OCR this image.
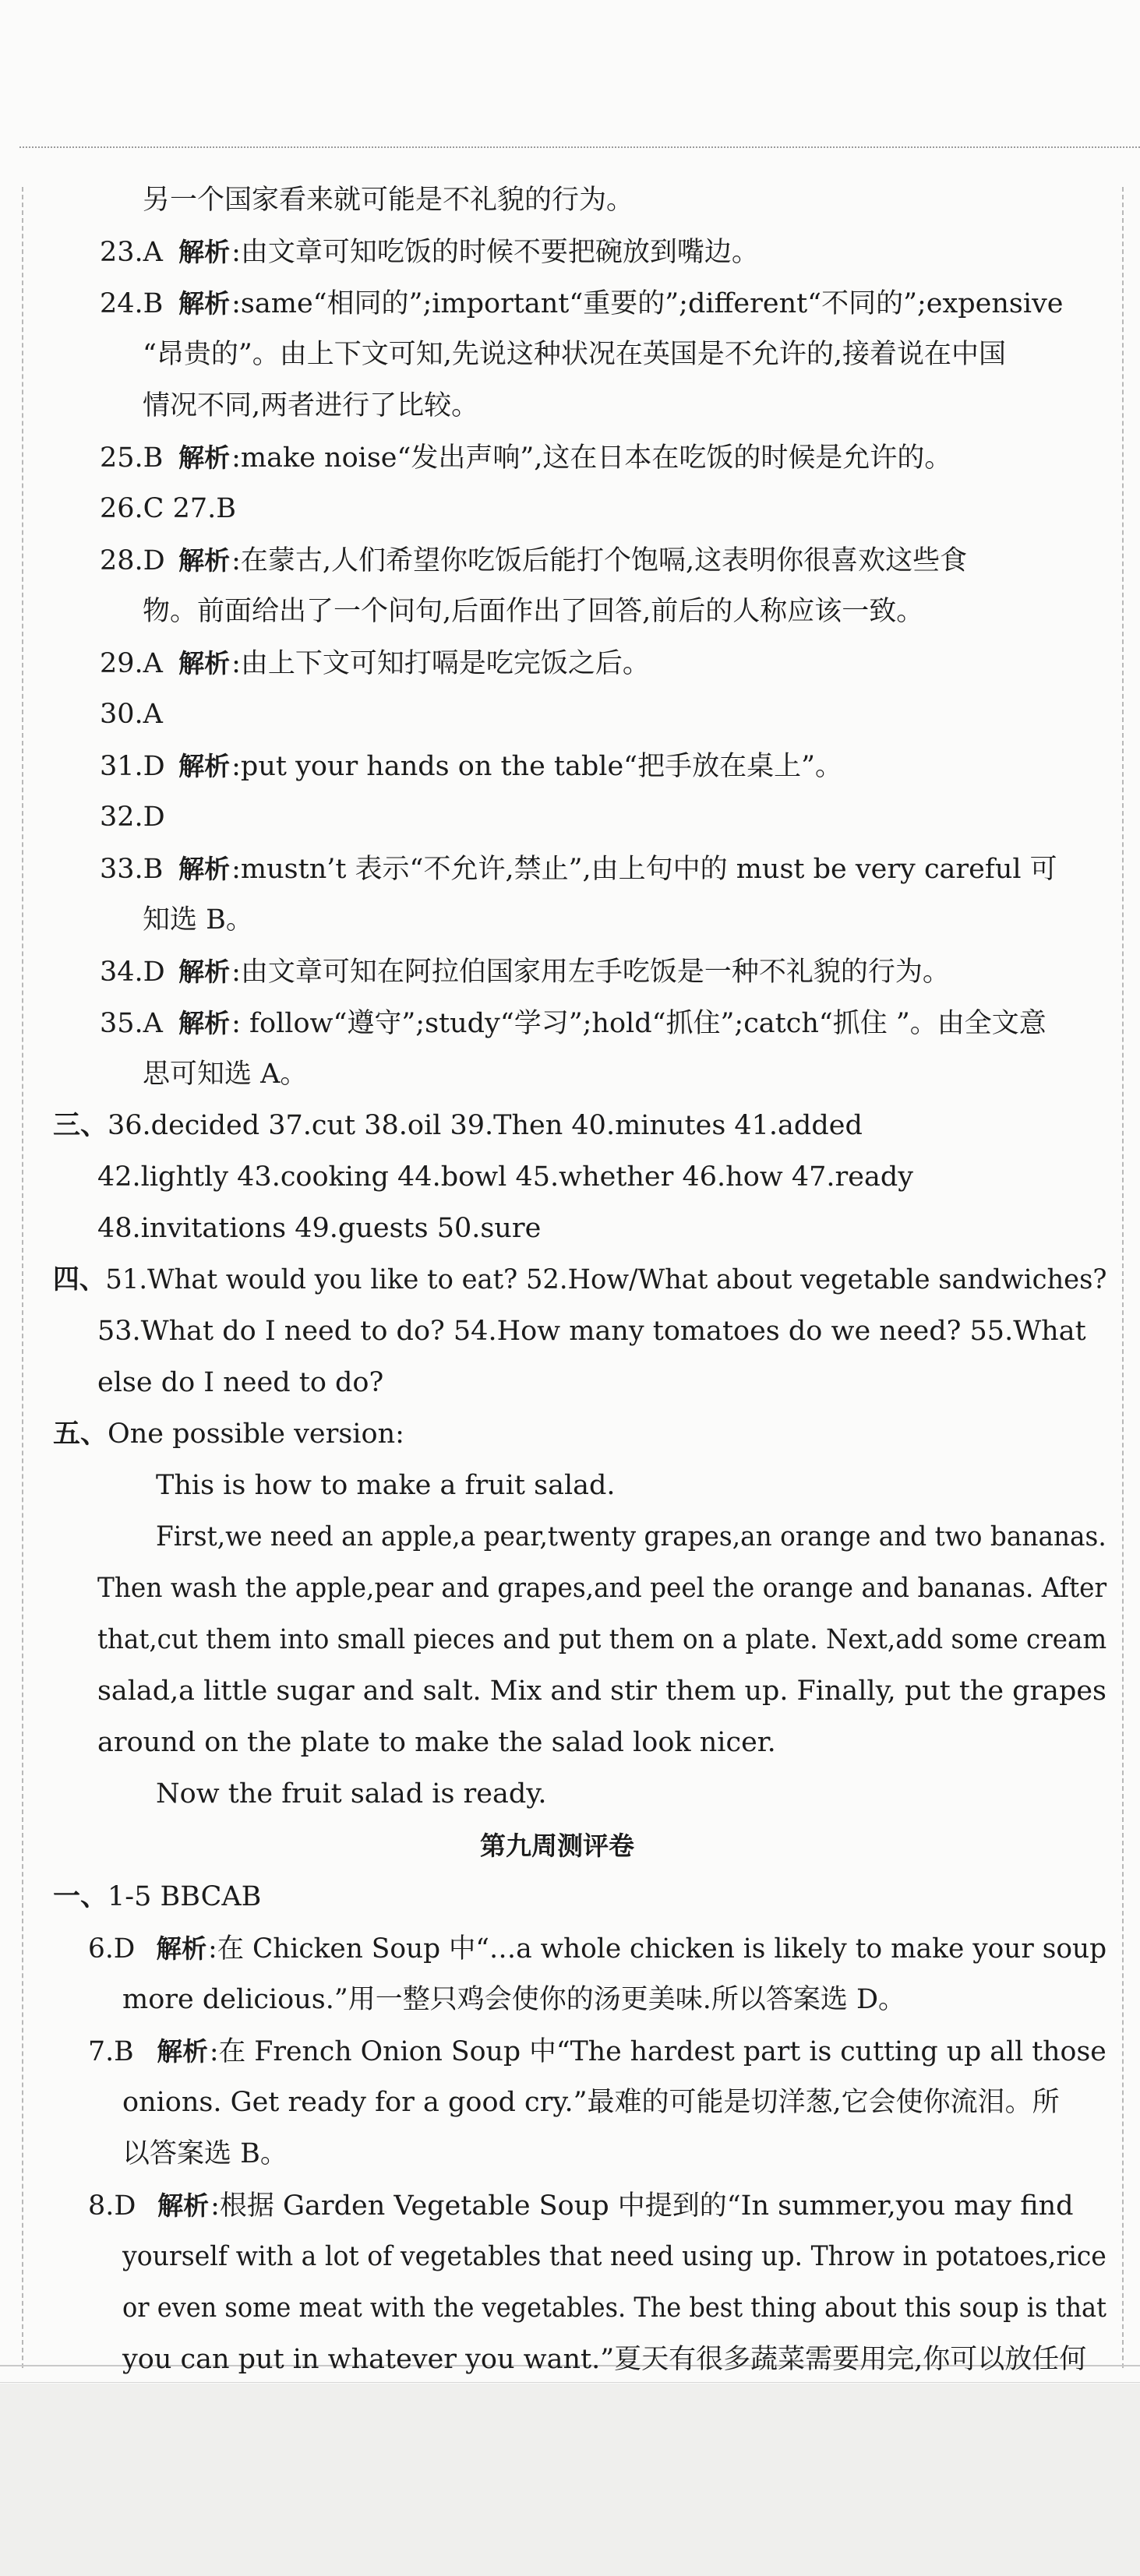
另一个国家看来就可能是不礼貌的行为。
23.A 解析:由文章可知吃饭的时候不要把碗放到嘴边。
24.B 解析:same“相同的”;important“重要的”;different“不同的”;expensive
“昂贵的”。由上下文可知,先说这种状况在英国是不允许的,接着说在中国
情况不同,两者进行了比较。
25.B 解析:make noise“发出声响”,这在日本在吃饭的时候是允许的。
26.C 27.B
28.D 解析:在蒙古,人们希望你吃饭后能打个饱嗝,这表明你很喜欢这些食
物。前面给出了一个问句,后面作出了回答,前后的人称应该一致。
29.A 解析:由上下文可知打嗝是吃完饭之后。
30.A
31.D 解析:put your hands on the table“把手放在桌上”。
32.D
33.B 解析:mustn’t 表示“不允许,禁止”,由上句中的 must be very careful 可
知选 B。
34.D 解析:由文章可知在阿拉伯国家用左手吃饭是一种不礼貌的行为。
35.A 解析: follow“遵守”;study“学习”;hold“抓住”;catch“抓住 ”。由全文意
思可知选 A。
三、36.decided 37.cut 38.oil 39.Then 40.minutes 41.added
42.lightly 43.cooking 44.bowl 45.whether 46.how 47.ready
48.invitations 49.guests 50.sure
四、51.What would you like to eat? 52.How/What about vegetable sandwiches?
53.What do I need to do? 54.How many tomatoes do we need? 55.What
else do I need to do?
五、One possible version:
This is how to make a fruit salad.
First,we need an apple,a pear,twenty grapes,an orange and two bananas.
Then wash the apple,pear and grapes,and peel the orange and bananas. After
that,cut them into small pieces and put them on a plate. Next,add some cream
salad,a little sugar and salt. Mix and stir them up. Finally, put the grapes
around on the plate to make the salad look nicer.
Now the fruit salad is ready.
第九周测评卷
一、1-5 BBCAB
6.D 解析:在 Chicken Soup 中“…a whole chicken is likely to make your soup
more delicious.”用一整只鸡会使你的汤更美味.所以答案选 D。
7.B 解析:在 French Onion Soup 中“The hardest part is cutting up all those
onions. Get ready for a good cry.”最难的可能是切洋葱,它会使你流泪。所
以答案选 B。
8.D 解析:根据 Garden Vegetable Soup 中提到的“In summer,you may find
yourself with a lot of vegetables that need using up. Throw in potatoes,rice
or even some meat with the vegetables. The best thing about this soup is that
you can put in whatever you want.”夏天有很多蔬菜需要用完,你可以放任何
